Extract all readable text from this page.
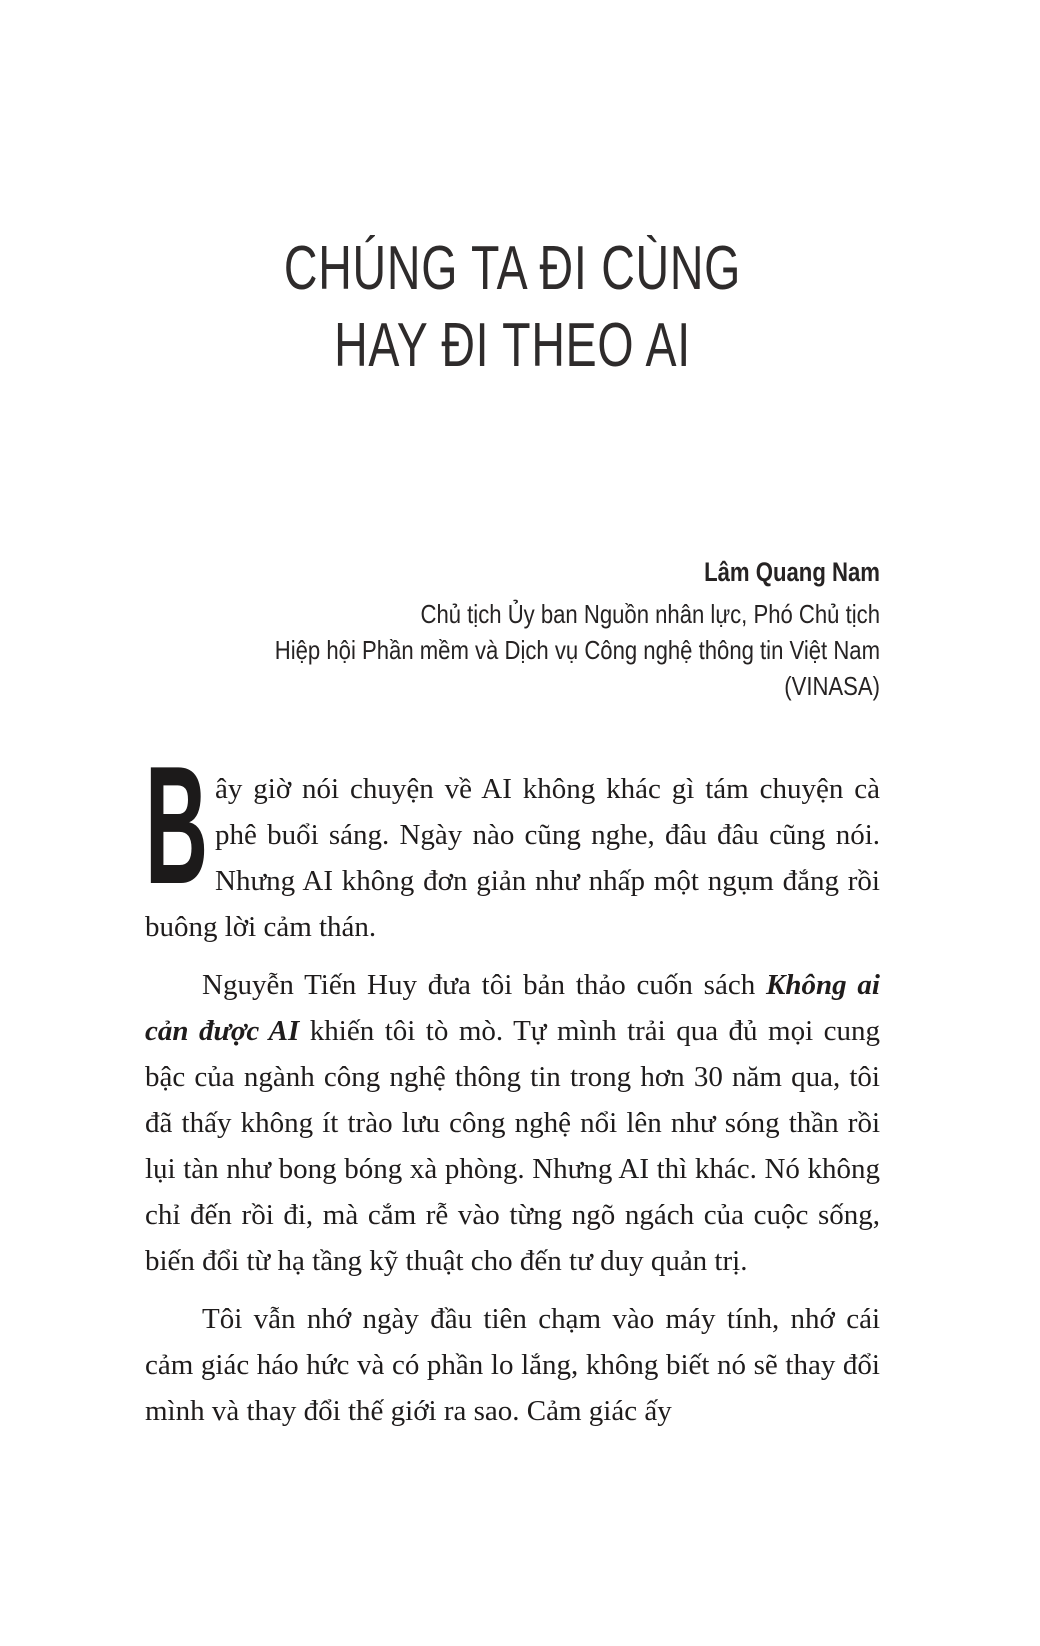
CHÚNG TA ĐI CÙNG
HAY ĐI THEO AI
Lâm Quang Nam
Chủ tịch Ủy ban Nguồn nhân lực, Phó Chủ tịch
Hiệp hội Phần mềm và Dịch vụ Công nghệ thông tin Việt Nam
(VINASA)

B ây giờ nói chuyện về AI không khác gì tám chuyện cà phê buổi sáng. Ngày nào cũng nghe, đâu đâu cũng nói. Nhưng AI không đơn giản như nhấp một ngụm đắng rồi buông lời cảm thán.

Nguyễn Tiến Huy đưa tôi bản thảo cuốn sách Không ai cản được AI khiến tôi tò mò. Tự mình trải qua đủ mọi cung bậc của ngành công nghệ thông tin trong hơn 30 năm qua, tôi đã thấy không ít trào lưu công nghệ nổi lên như sóng thần rồi lụi tàn như bong bóng xà phòng. Nhưng AI thì khác. Nó không chỉ đến rồi đi, mà cắm rễ vào từng ngõ ngách của cuộc sống, biến đổi từ hạ tầng kỹ thuật cho đến tư duy quản trị.

Tôi vẫn nhớ ngày đầu tiên chạm vào máy tính, nhớ cái cảm giác háo hức và có phần lo lắng, không biết nó sẽ thay đổi mình và thay đổi thế giới ra sao. Cảm giác ấy
